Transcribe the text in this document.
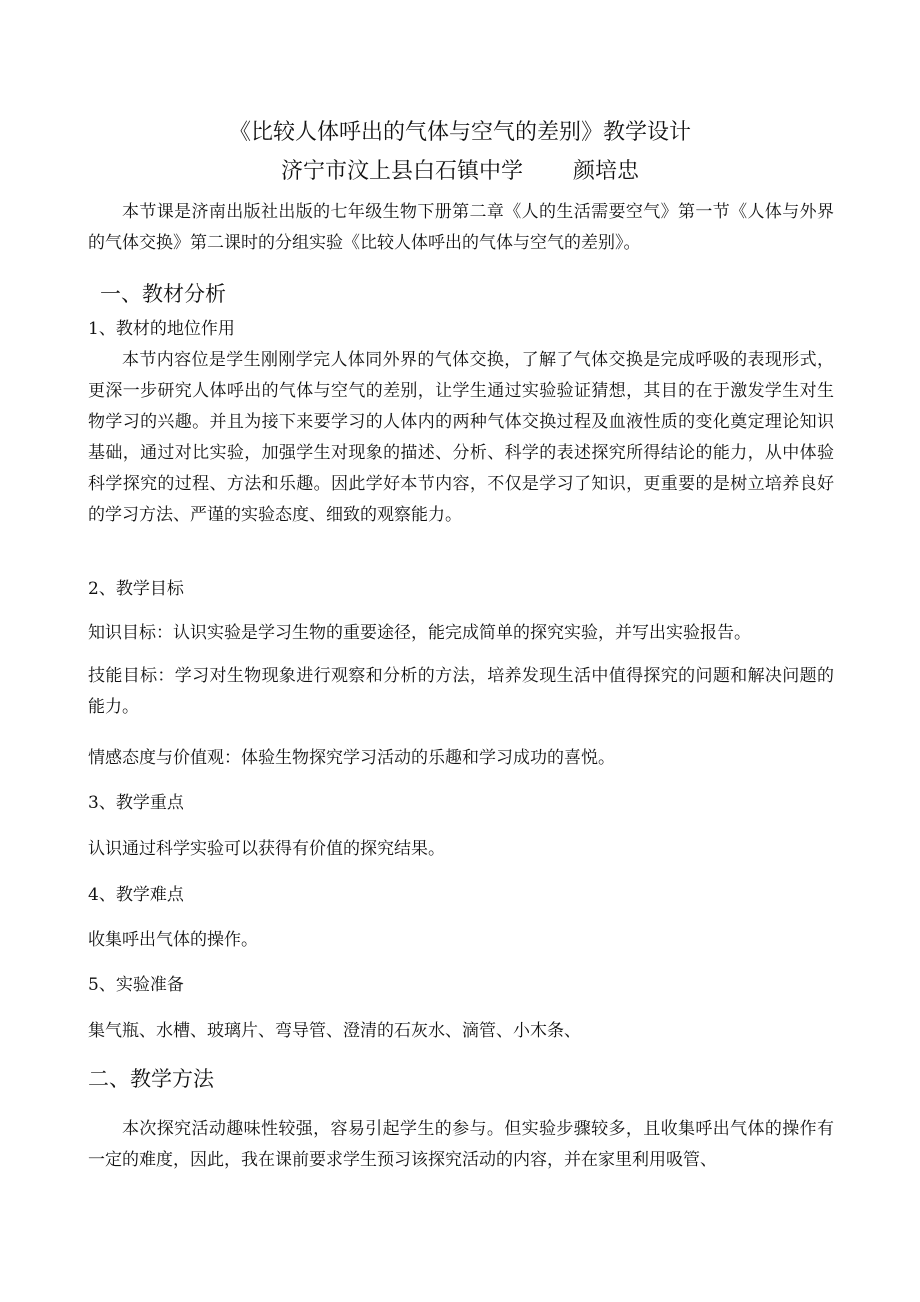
《比较人体呼出的气体与空气的差别》教学设计
济宁市汶上县白石镇中学 颜培忠

本节课是济南出版社出版的七年级生物下册第二章《人的生活需要空气》第一节《人体与外界的气体交换》第二课时的分组实验《比较人体呼出的气体与空气的差别》。

一、教材分析
1、教材的地位作用

本节内容位是学生刚刚学完人体同外界的气体交换，了解了气体交换是完成呼吸的表现形式，更深一步研究人体呼出的气体与空气的差别，让学生通过实验验证猜想，其目的在于激发学生对生物学习的兴趣。并且为接下来要学习的人体内的两种气体交换过程及血液性质的变化奠定理论知识基础，通过对比实验，加强学生对现象的描述、分析、科学的表述探究所得结论的能力，从中体验科学探究的过程、方法和乐趣。因此学好本节内容，不仅是学习了知识，更重要的是树立培养良好的学习方法、严谨的实验态度、细致的观察能力。

2、教学目标
知识目标：认识实验是学习生物的重要途径，能完成简单的探究实验，并写出实验报告。

技能目标：学习对生物现象进行观察和分析的方法，培养发现生活中值得探究的问题和解决问题的能力。

情感态度与价值观：体验生物探究学习活动的乐趣和学习成功的喜悦。
3、教学重点
认识通过科学实验可以获得有价值的探究结果。
4、教学难点
收集呼出气体的操作。
5、实验准备
集气瓶、水槽、玻璃片、弯导管、澄清的石灰水、滴管、小木条、
二、教学方法

本次探究活动趣味性较强，容易引起学生的参与。但实验步骤较多，且收集呼出气体的操作有一定的难度，因此，我在课前要求学生预习该探究活动的内容，并在家里利用吸管、
